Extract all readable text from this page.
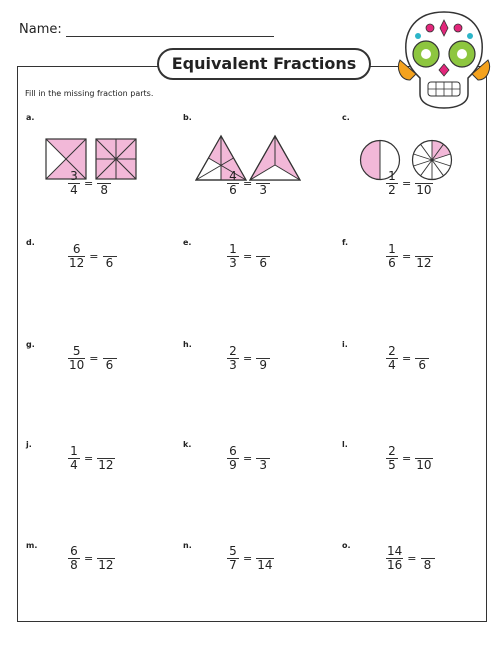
Name:
Equivalent Fractions
Fill in the missing fraction parts.
a.
$\frac{3}{4} = 8$
b.
$\frac{4}{6} = 3$
c.
$\frac{1}{2} = 10$
d.
$\frac{6}{12} = 6$
e.
$\frac{1}{3} = 6$
f.
$\frac{1}{6} = 12$
g.
$\frac{5}{10} = 6$
h.
$\frac{2}{3} = 9$
i.
$\frac{2}{4} = 6$
j.
$\frac{1}{4} = 12$
k.
$\frac{6}{9} = 3$
l.
$\frac{2}{5} = 10$
m.	$\frac{6}{8} = 12$
n.	$\frac{5}{7} = 14$
o.	$\frac{14}{16} = 8$
